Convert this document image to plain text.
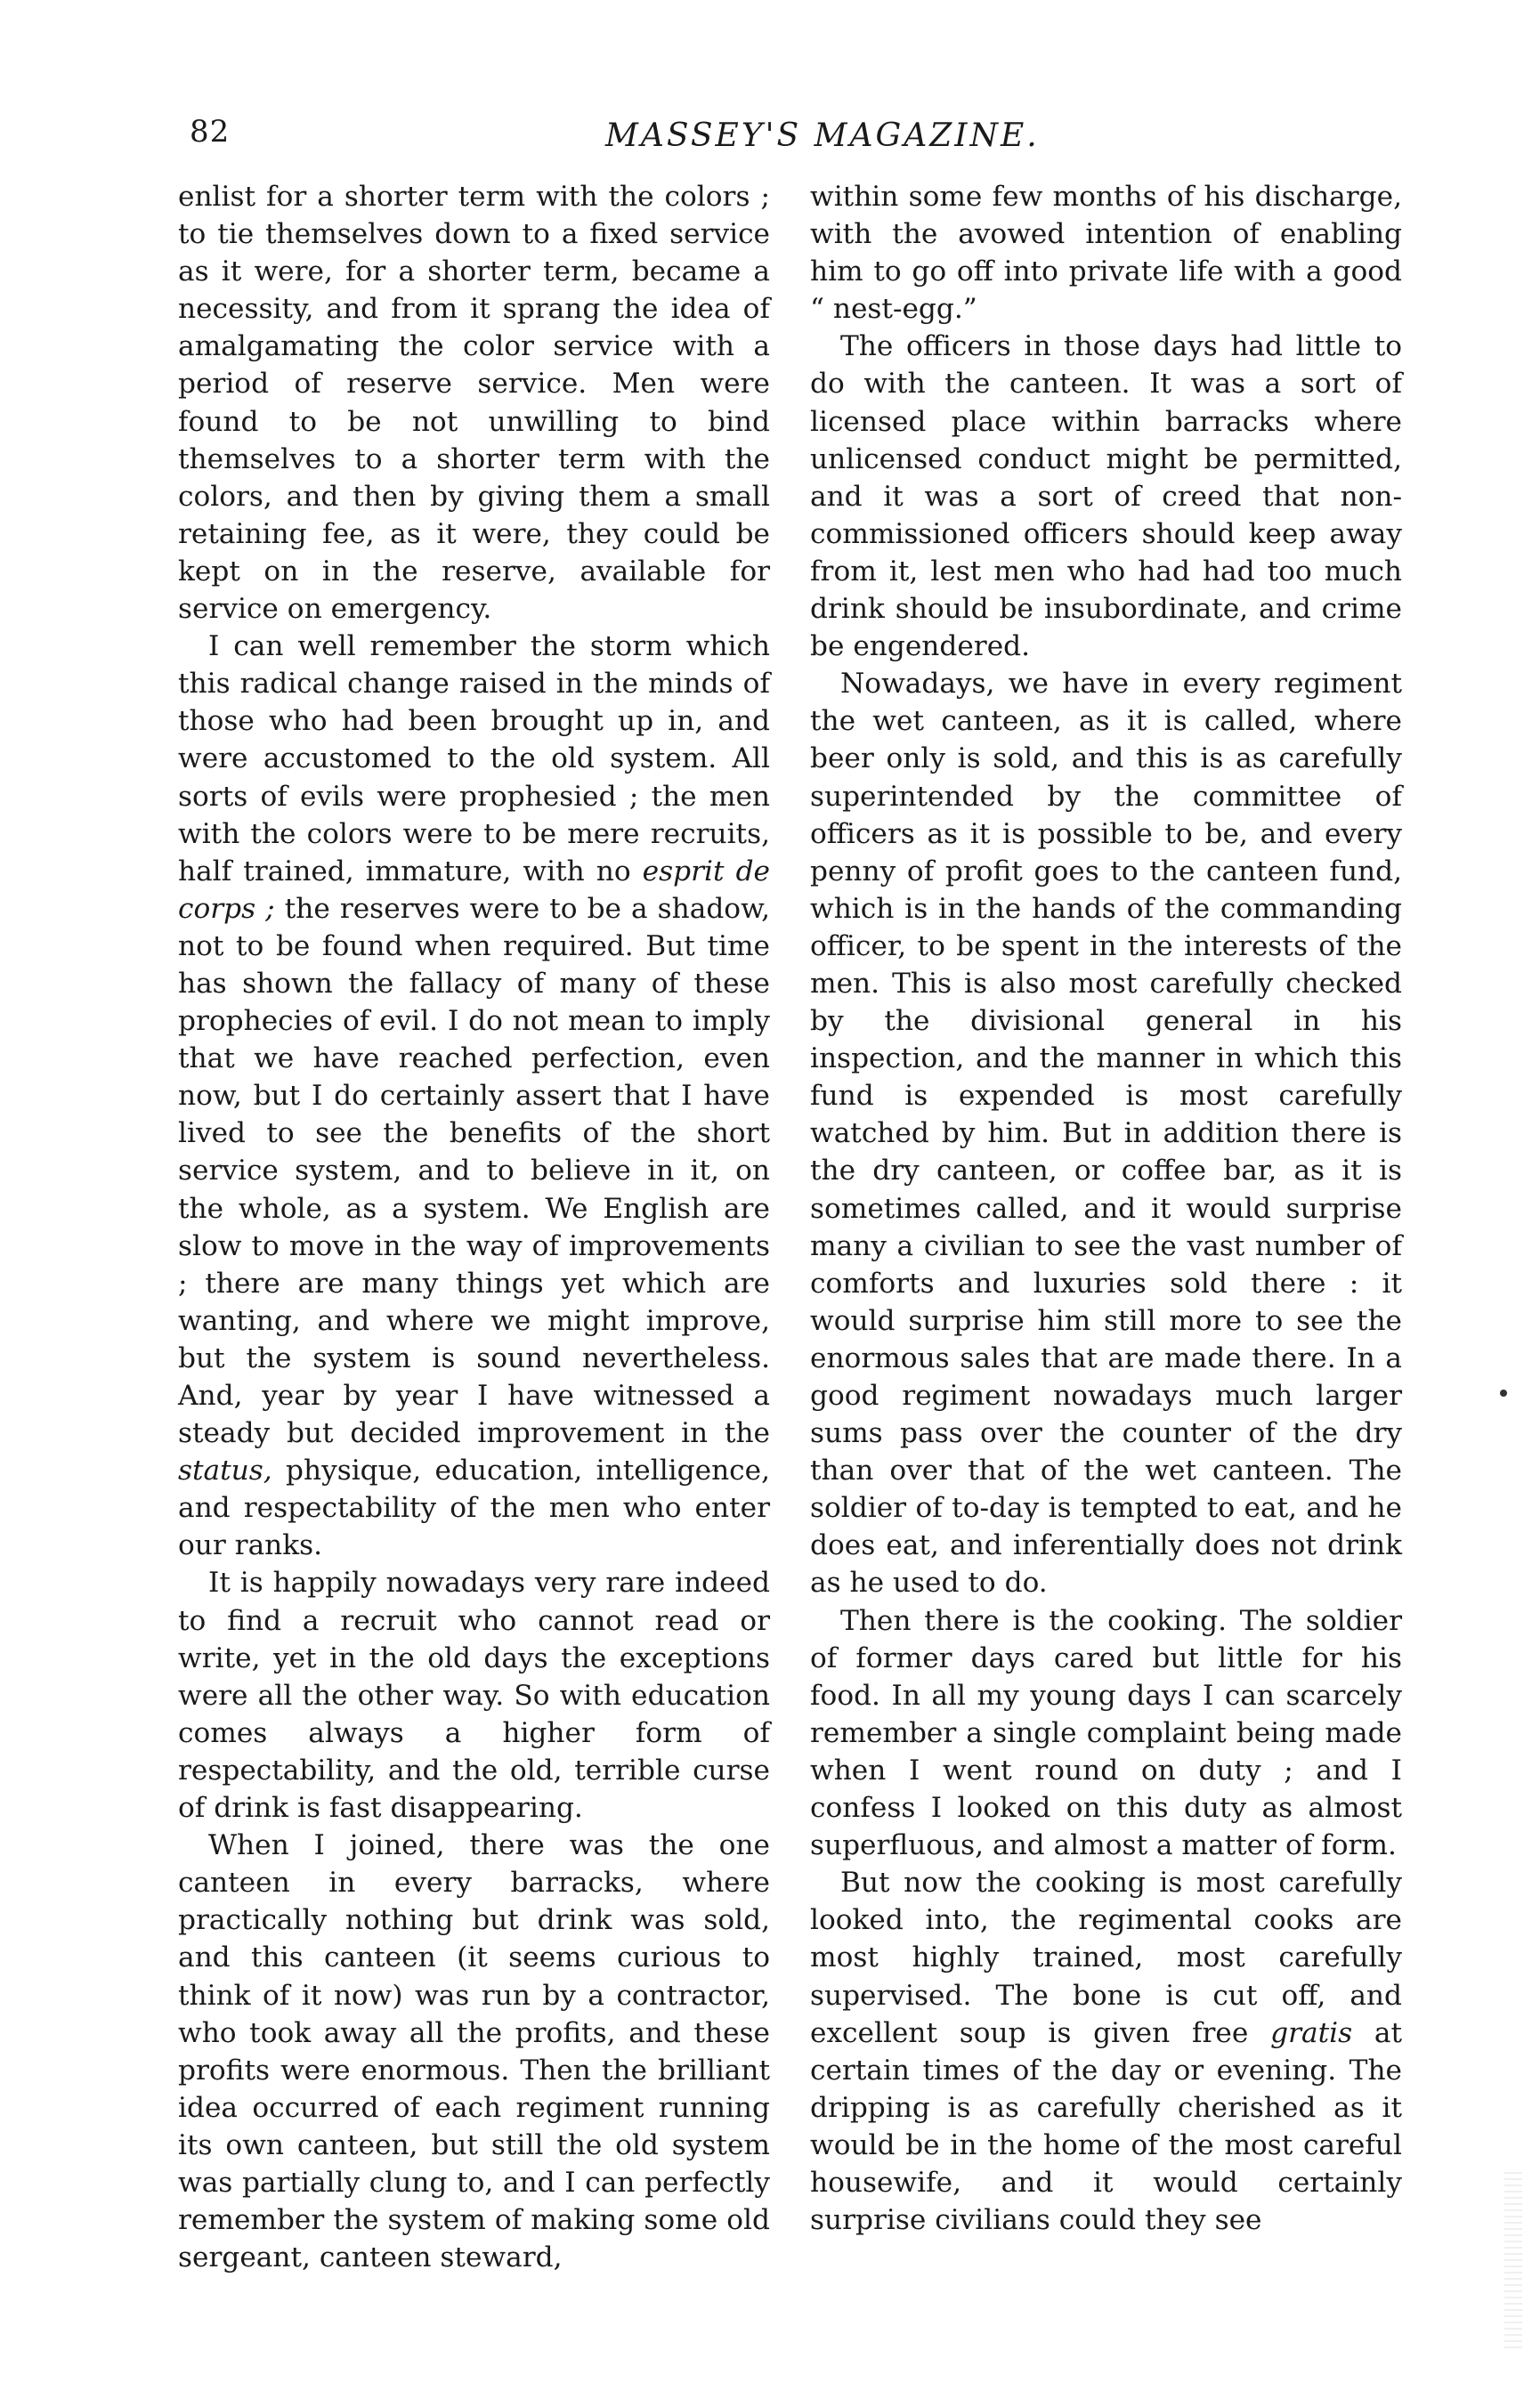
82	MASSEY'S MAGAZINE.

enlist for a shorter term with the colors ; to tie themselves down to a fixed service as it were, for a shorter term, became a necessity, and from it sprang the idea of amalgamating the color service with a period of reserve service. Men were found to be not unwilling to bind themselves to a shorter term with the colors, and then by giving them a small retaining fee, as it were, they could be kept on in the reserve, available for service on emergency.

I can well remember the storm which this radical change raised in the minds of those who had been brought up in, and were accustomed to the old system. All sorts of evils were prophesied ; the men with the colors were to be mere recruits, half trained, immature, with no esprit de corps ; the reserves were to be a shadow, not to be found when required. But time has shown the fallacy of many of these prophecies of evil. I do not mean to imply that we have reached perfection, even now, but I do certainly assert that I have lived to see the benefits of the short service system, and to believe in it, on the whole, as a system. We English are slow to move in the way of improvements ; there are many things yet which are wanting, and where we might improve, but the system is sound nevertheless. And, year by year I have witnessed a steady but decided improvement in the status, physique, education, intelligence, and respectability of the men who enter our ranks.

It is happily nowadays very rare indeed to find a recruit who cannot read or write, yet in the old days the exceptions were all the other way. So with education comes always a higher form of respectability, and the old, terrible curse of drink is fast disappearing.

When I joined, there was the one canteen in every barracks, where practically nothing but drink was sold, and this canteen (it seems curious to think of it now) was run by a contractor, who took away all the profits, and these profits were enormous. Then the brilliant idea occurred of each regiment running its own canteen, but still the old system was partially clung to, and I can perfectly remember the system of making some old sergeant, canteen steward,

within some few months of his discharge, with the avowed intention of enabling him to go off into private life with a good “ nest-egg.”

The officers in those days had little to do with the canteen. It was a sort of licensed place within barracks where unlicensed conduct might be permitted, and it was a sort of creed that non-commissioned officers should keep away from it, lest men who had had too much drink should be insubordinate, and crime be engendered.

Nowadays, we have in every regiment the wet canteen, as it is called, where beer only is sold, and this is as carefully superintended by the committee of officers as it is possible to be, and every penny of profit goes to the canteen fund, which is in the hands of the commanding officer, to be spent in the interests of the men. This is also most carefully checked by the divisional general in his inspection, and the manner in which this fund is expended is most carefully watched by him. But in addition there is the dry canteen, or coffee bar, as it is sometimes called, and it would surprise many a civilian to see the vast number of comforts and luxuries sold there : it would surprise him still more to see the enormous sales that are made there. In a good regiment nowadays much larger sums pass over the counter of the dry than over that of the wet canteen. The soldier of to-day is tempted to eat, and he does eat, and inferentially does not drink as he used to do.

Then there is the cooking. The soldier of former days cared but little for his food. In all my young days I can scarcely remember a single complaint being made when I went round on duty ; and I confess I looked on this duty as almost superfluous, and almost a matter of form.

But now the cooking is most carefully looked into, the regimental cooks are most highly trained, most carefully supervised. The bone is cut off, and excellent soup is given free gratis at certain times of the day or evening. The dripping is as carefully cherished as it would be in the home of the most careful housewife, and it would certainly surprise civilians could they see
